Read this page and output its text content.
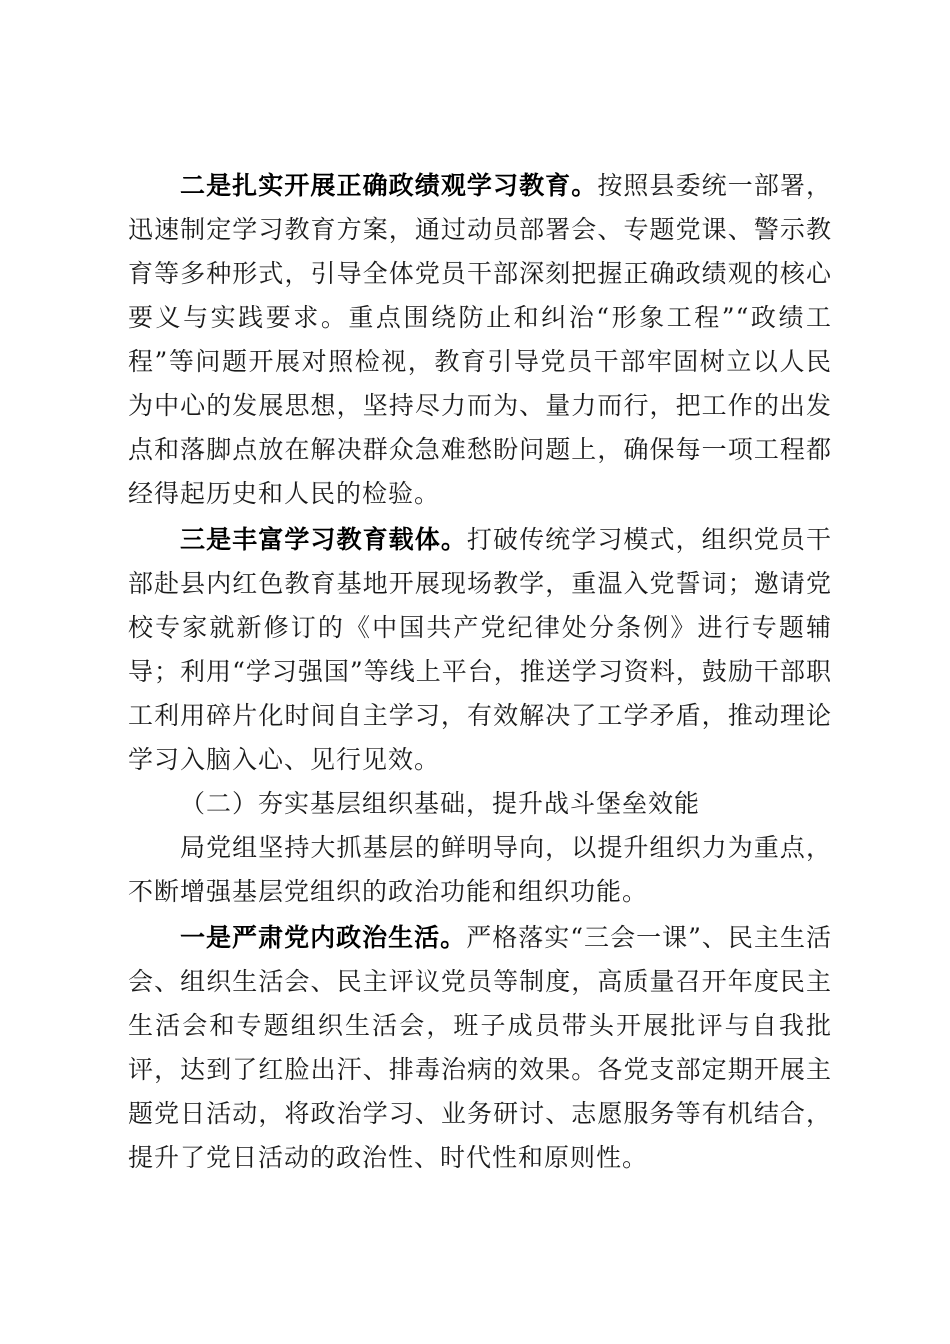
二是扎实开展正确政绩观学习教育。按照县委统一部署，迅速制定学习教育方案，通过动员部署会、专题党课、警示教育等多种形式，引导全体党员干部深刻把握正确政绩观的核心要义与实践要求。重点围绕防止和纠治“形象工程”“政绩工程”等问题开展对照检视，教育引导党员干部牢固树立以人民为中心的发展思想，坚持尽力而为、量力而行，把工作的出发点和落脚点放在解决群众急难愁盼问题上，确保每一项工程都经得起历史和人民的检验。

三是丰富学习教育载体。打破传统学习模式，组织党员干部赴县内红色教育基地开展现场教学，重温入党誓词；邀请党校专家就新修订的《中国共产党纪律处分条例》进行专题辅导；利用“学习强国”等线上平台，推送学习资料，鼓励干部职工利用碎片化时间自主学习，有效解决了工学矛盾，推动理论学习入脑入心、见行见效。

（二）夯实基层组织基础，提升战斗堡垒效能

局党组坚持大抓基层的鲜明导向，以提升组织力为重点，不断增强基层党组织的政治功能和组织功能。

一是严肃党内政治生活。严格落实“三会一课”、民主生活会、组织生活会、民主评议党员等制度，高质量召开年度民主生活会和专题组织生活会，班子成员带头开展批评与自我批评，达到了红脸出汗、排毒治病的效果。各党支部定期开展主题党日活动，将政治学习、业务研讨、志愿服务等有机结合，提升了党日活动的政治性、时代性和原则性。
